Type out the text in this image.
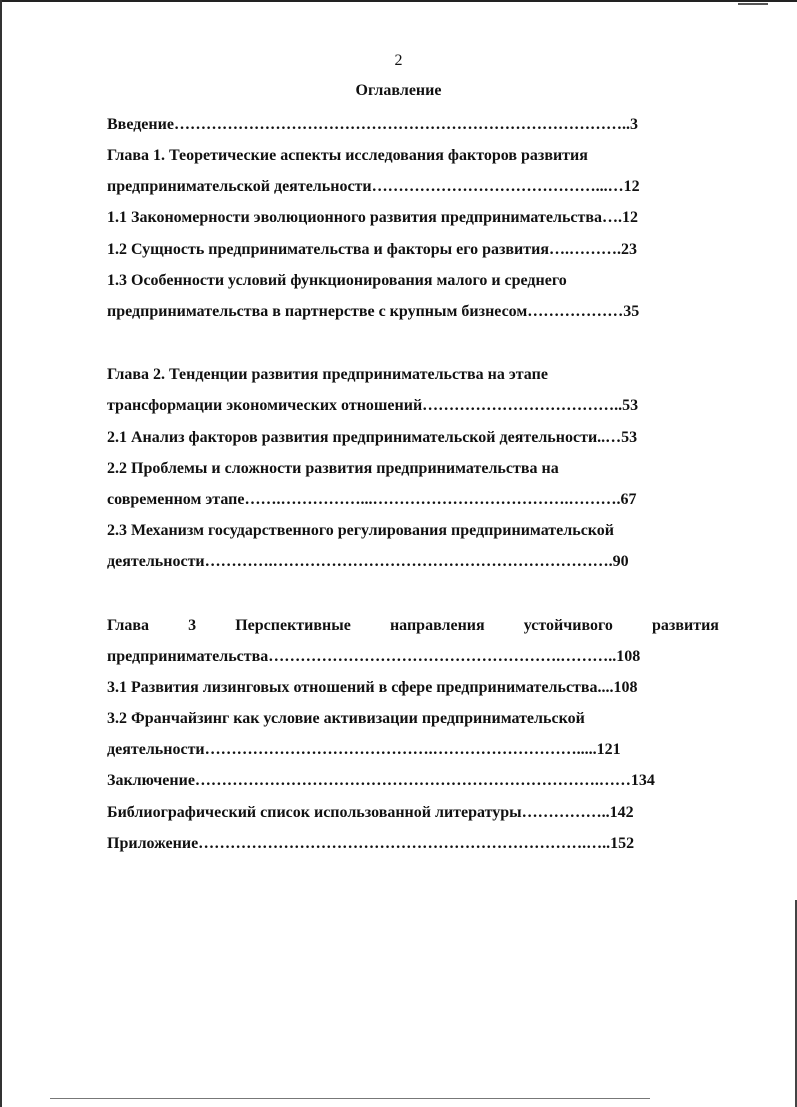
2
Оглавление
Введение…………………………………………………………………………..3
Глава 1. Теоретические аспекты исследования факторов развития
предпринимательской деятельности……………………………………...…12
1.1 Закономерности эволюционного развития предпринимательства….12
1.2 Сущность предпринимательства и факторы его развития….……….23
1.3 Особенности условий функционирования малого и среднего
предпринимательства в партнерстве с крупным бизнесом………………35
Глава 2. Тенденции развития предпринимательства на этапе
трансформации экономических отношений………………………………..53
2.1 Анализ факторов развития предпринимательской деятельности..…53
2.2 Проблемы и сложности развития предпринимательства на
современном этапе…….……………...……………………………….……….67
2.3 Механизм государственного регулирования предпринимательской
деятельности………….……………………………………………………….90
Глава 3 Перспективные направления устойчивого развития
предпринимательства……………………………………………….………..108
3.1 Развития лизинговых отношений в сфере предпринимательства....108
3.2 Франчайзинг как условие активизации предпринимательской
деятельности…………………………………….……………………….....121
Заключение………………………………………………………………….……134
Библиографический список использованной литературы……………..142
Приложение……………………………………………………………….…..152
